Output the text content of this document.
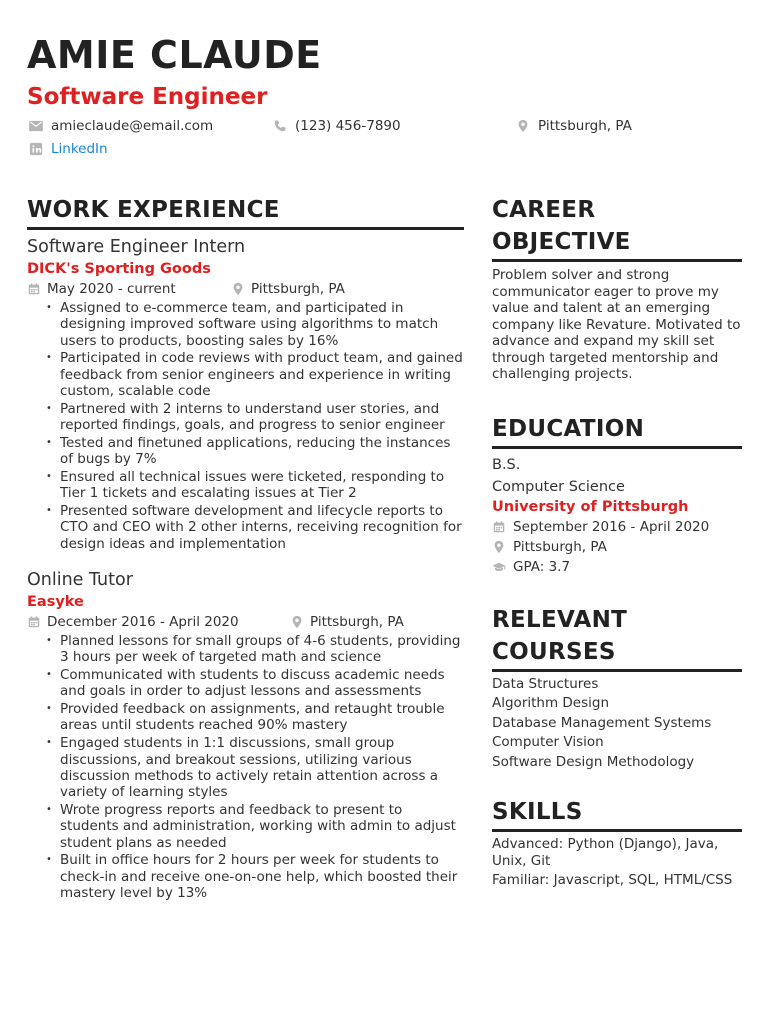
AMIE CLAUDE
Software Engineer
amieclaude@email.com	(123) 456-7890	Pittsburgh, PA
LinkedIn
WORK EXPERIENCE
Software Engineer Intern
DICK's Sporting Goods
May 2020 - current	Pittsburgh, PA
• Assigned to e-commerce team, and participated in designing improved software using algorithms to match users to products, boosting sales by 16%
• Participated in code reviews with product team, and gained feedback from senior engineers and experience in writing custom, scalable code
• Partnered with 2 interns to understand user stories, and reported findings, goals, and progress to senior engineer
• Tested and finetuned applications, reducing the instances of bugs by 7%
• Ensured all technical issues were ticketed, responding to Tier 1 tickets and escalating issues at Tier 2
• Presented software development and lifecycle reports to CTO and CEO with 2 other interns, receiving recognition for design ideas and implementation
Online Tutor
Easyke
December 2016 - April 2020	Pittsburgh, PA
• Planned lessons for small groups of 4-6 students, providing 3 hours per week of targeted math and science
• Communicated with students to discuss academic needs and goals in order to adjust lessons and assessments
• Provided feedback on assignments, and retaught trouble areas until students reached 90% mastery
• Engaged students in 1:1 discussions, small group discussions, and breakout sessions, utilizing various discussion methods to actively retain attention across a variety of learning styles
• Wrote progress reports and feedback to present to students and administration, working with admin to adjust student plans as needed
• Built in office hours for 2 hours per week for students to check-in and receive one-on-one help, which boosted their mastery level by 13%
CAREER
OBJECTIVE
Problem solver and strong communicator eager to prove my value and talent at an emerging company like Revature. Motivated to advance and expand my skill set through targeted mentorship and challenging projects.
EDUCATION
B.S.
Computer Science
University of Pittsburgh
September 2016 - April 2020
Pittsburgh, PA
GPA: 3.7
RELEVANT
COURSES
Data Structures
Algorithm Design
Database Management Systems
Computer Vision
Software Design Methodology
SKILLS
Advanced: Python (Django), Java, Unix, Git
Familiar: Javascript, SQL, HTML/CSS
